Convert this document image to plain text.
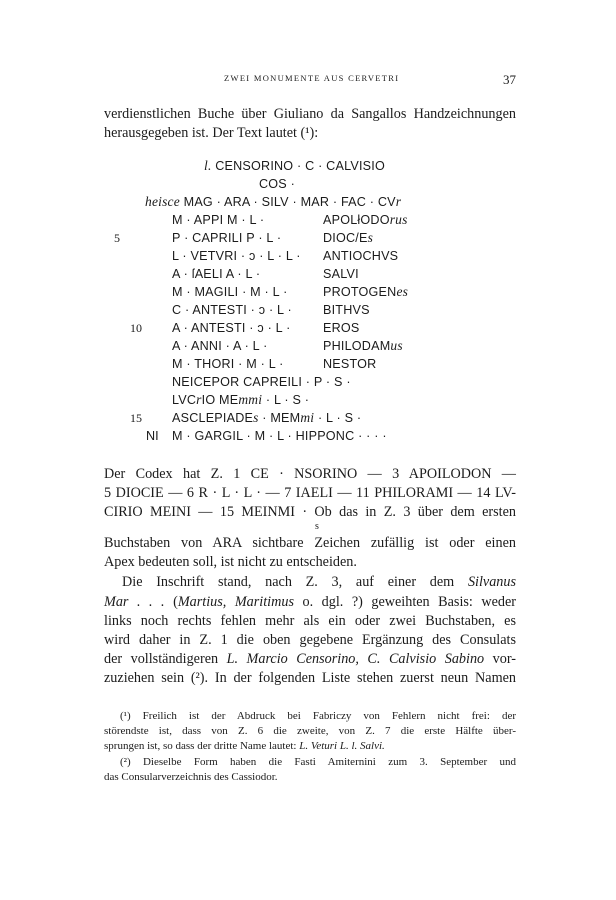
ZWEI MONUMENTE AUS CERVETRI	37
verdienstlichen Buche über Giuliano da Sangallos Handzeichnungen
herausgegeben ist. Der Text lautet (¹):
l. CENSORINO · C · CALVISIO
COS ·
heisce MAG · ARA · SILV · MAR · FAC · CVr
M · APPI M · L ·	APOLłODOrus
5	P · CAPRILI P · L ·	DIOC/Es
L · VETVRI · ↄ · L · L · ANTIOCHVS
A · ſAELI A · L ·	SALVI
M · MAGILI · M · L ·	PROTOGENes
C · ANTESTI · ↄ · L · BITHVS
10 A · ANTESTI · ↄ · L ·	EROS
A · ANNI · A · L ·	PHILODAMus
M · THORI · M · L ·	NESTOR
NEICEPOR CAPREILI · P · S ·
LVCrIO MEmmi · L · S ·
15 ASCLEPIADEs · MEMmi · L · S ·
NI M · GARGIL · M · L · HIPPONC · · · ·
Der Codex hat Z. 1 CE · NSORINO — 3 APOILODON —
5 DIOCIE — 6 R · L · L · — 7 IAELI — 11 PHILORAMI — 14 LV-
CIRIO MEINI — 15 MEINMI · Ob das in Z. 3 über dem ersten
s
Buchstaben von ARA sichtbare Zeichen zufällig ist oder einen
Apex bedeuten soll, ist nicht zu entscheiden.
Die Inschrift stand, nach Z. 3, auf einer dem Silvanus
Mar . . . (Martius, Maritimus o. dgl. ?) geweihten Basis: weder
links noch rechts fehlen mehr als ein oder zwei Buchstaben, es
wird daher in Z. 1 die oben gegebene Ergänzung des Consulats
der vollständigeren L. Marcio Censorino, C. Calvisio Sabino vor-
zuziehen sein (²). In der folgenden Liste stehen zuerst neun Namen
(¹) Freilich ist der Abdruck bei Fabriczy von Fehlern nicht frei: der
störendste ist, dass von Z. 6 die zweite, von Z. 7 die erste Hälfte über-
sprungen ist, so dass der dritte Name lautet: L. Veturi L. l. Salvi.
(²) Dieselbe Form haben die Fasti Amiternini zum 3. September und
das Consularverzeichnis des Cassiodor.
